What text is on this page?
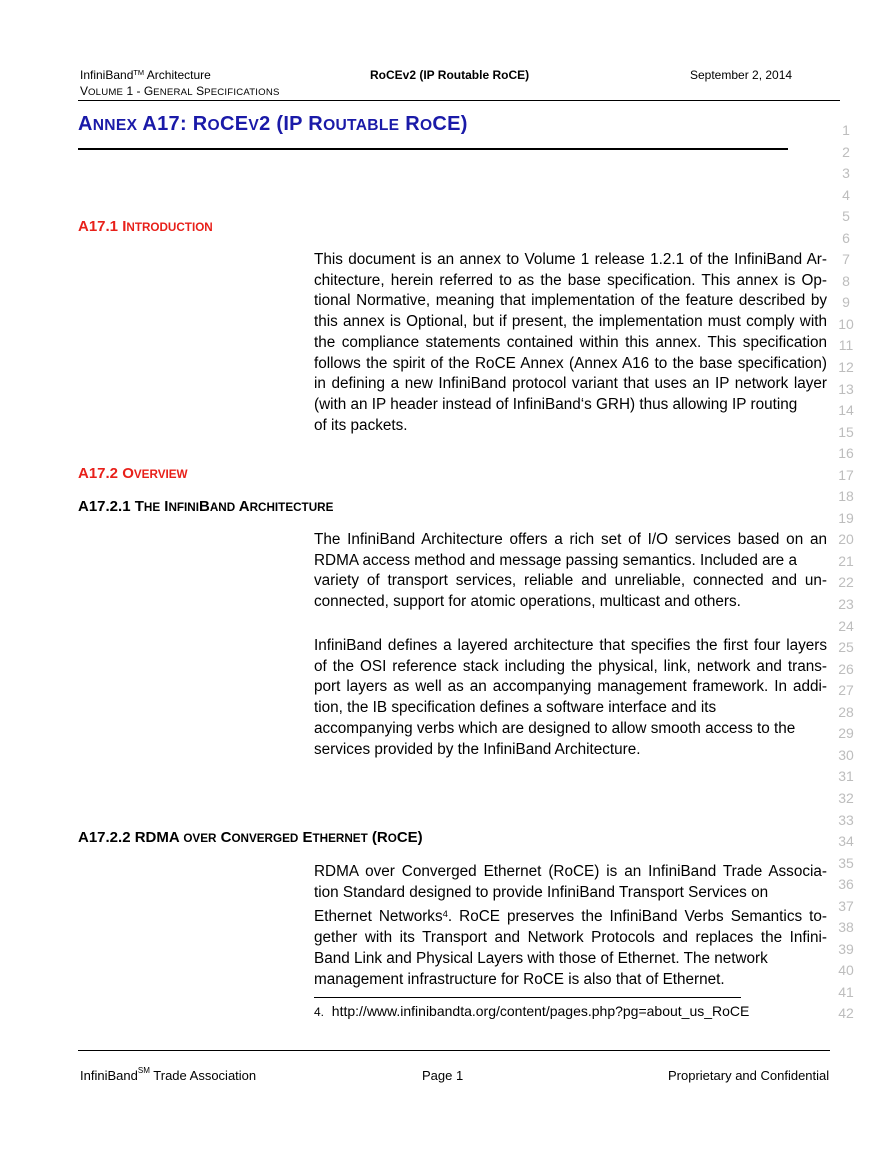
InfiniBand™ Architecture
VOLUME 1 - GENERAL SPECIFICATIONS
RoCEv2 (IP Routable RoCE)	September 2, 2014
ANNEX A17: ROCEV2 (IP ROUTABLE ROCE)	1
2
3
4
5
6
7
8
9
10
11
12
13
14
15
16
17
18
19
20
21
22
23
24
25
26
27
28
29
30
31
32
33
34
35
36
37
38
39
40
41
42
A17.1 INTRODUCTION
This document is an annex to Volume 1 release 1.2.1 of the InfiniBand Ar-
chitecture, herein referred to as the base specification. This annex is Op-
tional Normative, meaning that implementation of the feature described by
this annex is Optional, but if present, the implementation must comply with
the compliance statements contained within this annex. This specification
follows the spirit of the RoCE Annex (Annex A16 to the base specification)
in defining a new InfiniBand protocol variant that uses an IP network layer
(with an IP header instead of InfiniBand‘s GRH) thus allowing IP routing
of its packets.
A17.2 OVERVIEW
A17.2.1 THE INFINIBAND ARCHITECTURE
The InfiniBand Architecture offers a rich set of I/O services based on an
RDMA access method and message passing semantics. Included are a
variety of transport services, reliable and unreliable, connected and un-
connected, support for atomic operations, multicast and others.
InfiniBand defines a layered architecture that specifies the first four layers
of the OSI reference stack including the physical, link, network and trans-
port layers as well as an accompanying management framework. In addi-
tion, the IB specification defines a software interface and its
accompanying verbs which are designed to allow smooth access to the
services provided by the InfiniBand Architecture.
A17.2.2 RDMA OVER CONVERGED ETHERNET (ROCE)
RDMA over Converged Ethernet (RoCE) is an InfiniBand Trade Associa-
tion Standard designed to provide InfiniBand Transport Services on
Ethernet Networks$^4$. RoCE preserves the InfiniBand Verbs Semantics to-
gether with its Transport and Network Protocols and replaces the Infini-
Band Link and Physical Layers with those of Ethernet. The network
management infrastructure for RoCE is also that of Ethernet.
4. http://www.infinibandta.org/content/pages.php?pg=about_us_RoCE
InfiniBand℠ Trade Association	Page 1	Proprietary and Confidential
